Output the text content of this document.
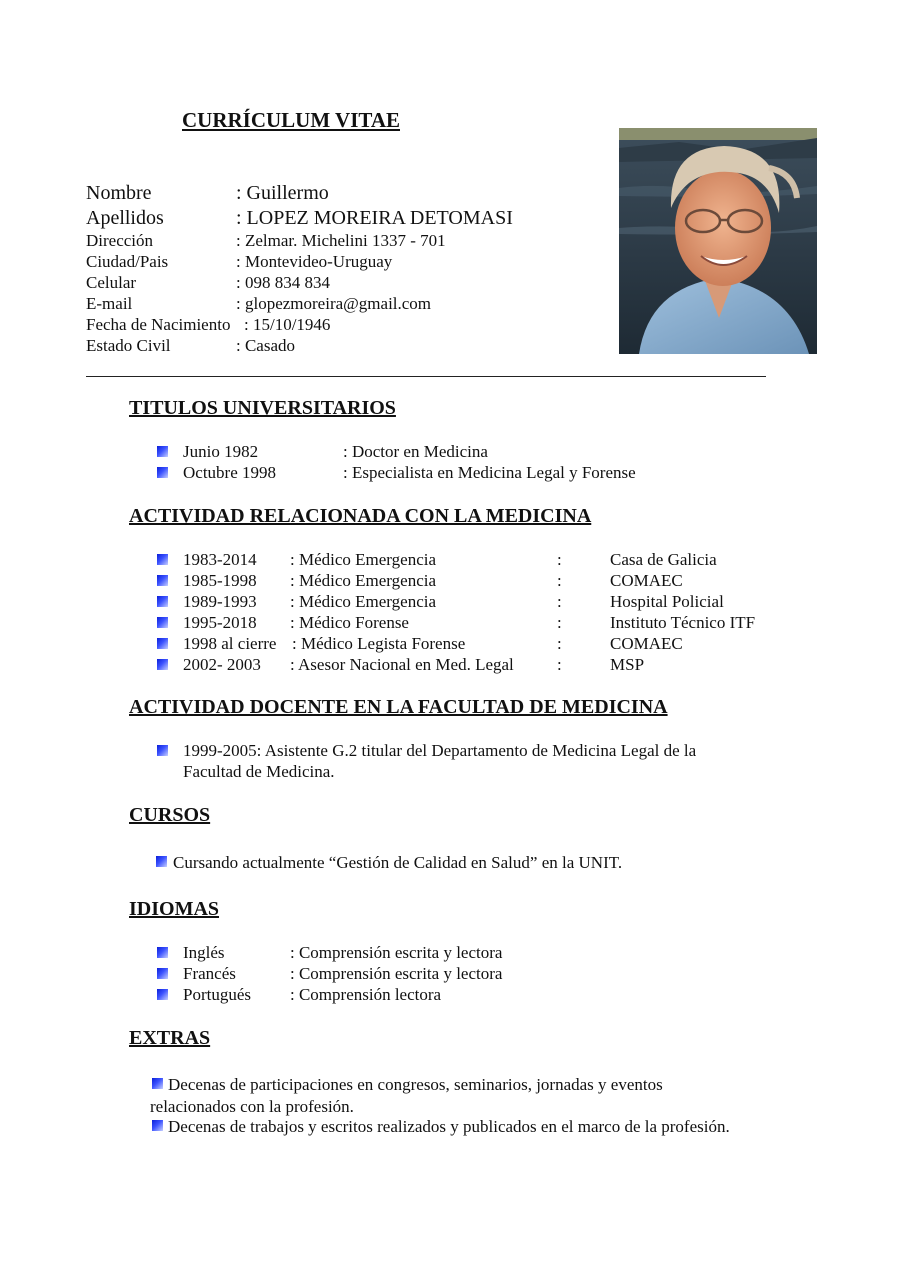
CURRÍCULUM VITAE
Nombre	: Guillermo
Apellidos	: LOPEZ MOREIRA DETOMASI
Dirección	: Zelmar. Michelini 1337 - 701
Ciudad/Pais	: Montevideo-Uruguay
Celular	: 098 834 834
E-mail	: glopezmoreira@gmail.com
Fecha de Nacimiento : 15/10/1946
Estado Civil	: Casado
TITULOS UNIVERSITARIOS
Junio 1982	: Doctor en Medicina
Octubre 1998	: Especialista en Medicina Legal y Forense
ACTIVIDAD RELACIONADA CON LA MEDICINA
1983-2014 : Médico Emergencia	:	Casa de Galicia
1985-1998 : Médico Emergencia	:	COMAEC
1989-1993 : Médico Emergencia	:	Hospital Policial
1995-2018 : Médico Forense	:	Instituto Técnico ITF
1998 al cierre : Médico Legista Forense	:	COMAEC
2002- 2003 : Asesor Nacional en Med. Legal	:	MSP
ACTIVIDAD DOCENTE EN LA FACULTAD DE MEDICINA
1999-2005: Asistente G.2 titular del Departamento de Medicina Legal de la
Facultad de Medicina.
CURSOS
Cursando actualmente “Gestión de Calidad en Salud” en la UNIT.
IDIOMAS
Inglés	: Comprensión escrita y lectora
Francés	: Comprensión escrita y lectora
Portugués : Comprensión lectora
EXTRAS
Decenas de participaciones en congresos, seminarios, jornadas y eventos
relacionados con la profesión.
Decenas de trabajos y escritos realizados y publicados en el marco de la profesión.
